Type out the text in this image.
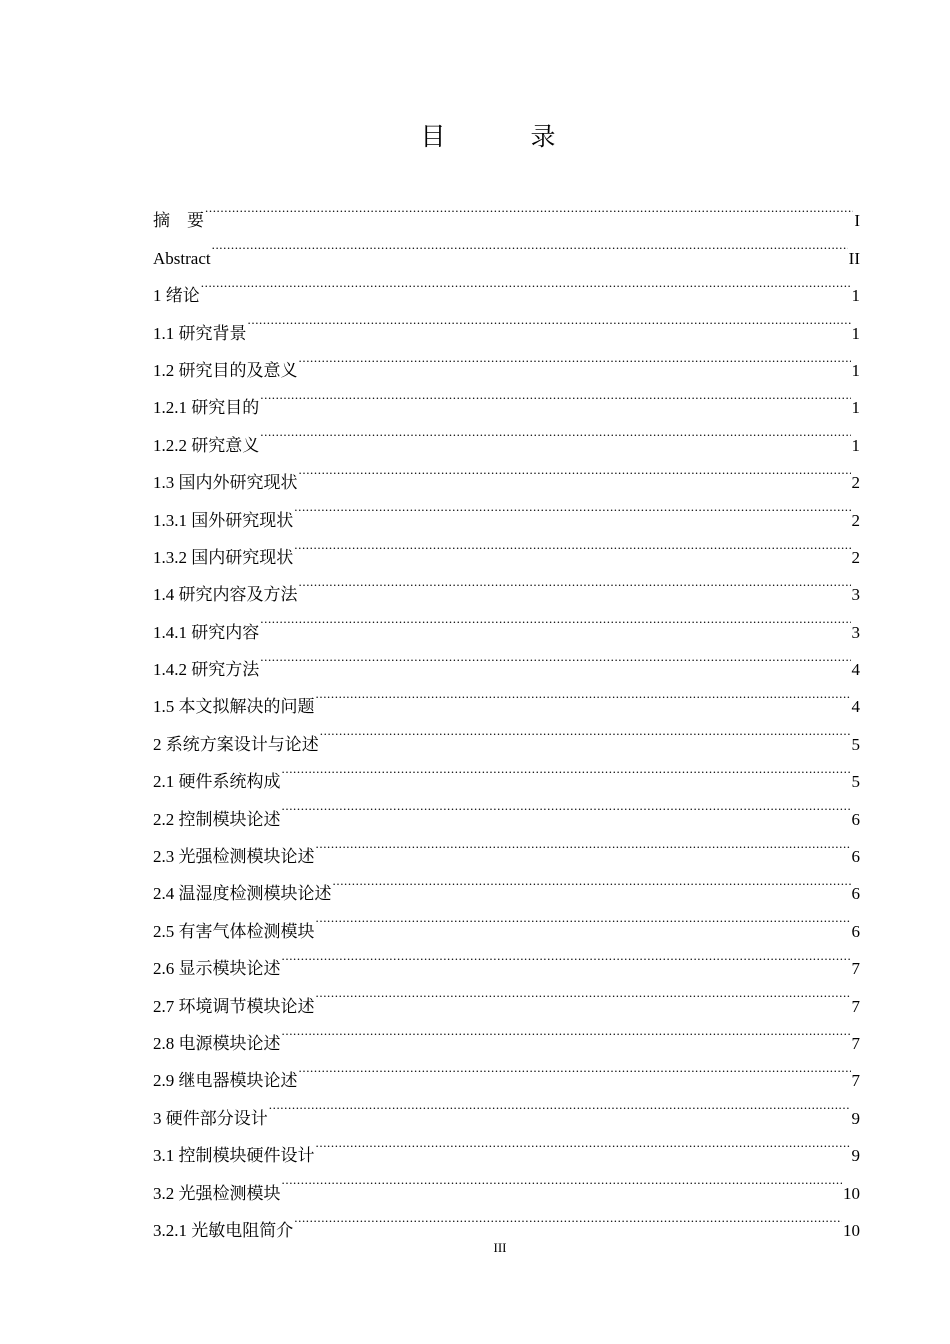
目　录
摘　要 .....	I
Abstract .....	II
1 绪论 .....	1
1.1 研究背景 .....	1
1.2 研究目的及意义 .....	1
1.2.1 研究目的 .....	1
1.2.2 研究意义 .....	1
1.3 国内外研究现状 .....	2
1.3.1 国外研究现状 .....	2
1.3.2 国内研究现状 .....	2
1.4 研究内容及方法 .....	3
1.4.1 研究内容 .....	3
1.4.2 研究方法 .....	4
1.5 本文拟解决的问题 .....	4
2 系统方案设计与论述 .....	5
2.1 硬件系统构成 .....	5
2.2 控制模块论述 .....	6
2.3 光强检测模块论述 .....	6
2.4 温湿度检测模块论述 .....	6
2.5 有害气体检测模块 .....	6
2.6 显示模块论述 .....	7
2.7 环境调节模块论述 .....	7
2.8 电源模块论述 .....	7
2.9 继电器模块论述 .....	7
3 硬件部分设计 .....	9
3.1 控制模块硬件设计 .....	9
3.2 光强检测模块 .....	10
3.2.1 光敏电阻简介 .....	10
III
